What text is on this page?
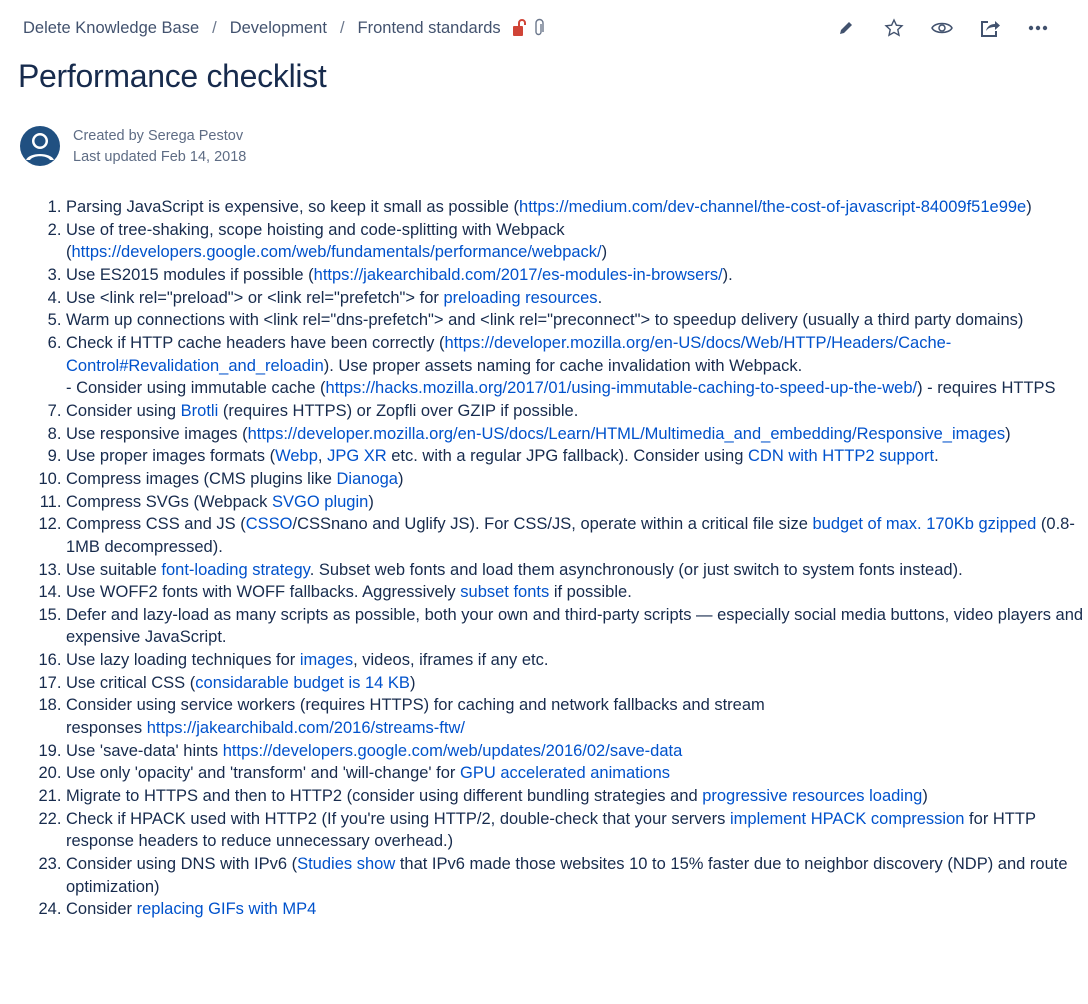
Delete Knowledge Base / Development / Frontend standards
Performance checklist
Created by Serega Pestov
Last updated Feb 14, 2018
1. Parsing JavaScript is expensive, so keep it small as possible (https://medium.com/dev-channel/the-cost-of-javascript-84009f51e99e)
2. Use of tree-shaking, scope hoisting and code-splitting with Webpack
(https://developers.google.com/web/fundamentals/performance/webpack/)
3. Use ES2015 modules if possible (https://jakearchibald.com/2017/es-modules-in-browsers/).
4. Use <link rel="preload"> or <link rel="prefetch"> for preloading resources.
5. Warm up connections with <link rel="dns-prefetch"> and <link rel="preconnect"> to speedup delivery (usually a third party domains)
6. Check if HTTP cache headers have been correctly (https://developer.mozilla.org/en-US/docs/Web/HTTP/Headers/Cache-Control#Revalidation_and_reloadin). Use proper assets naming for cache invalidation with Webpack.
- Consider using immutable cache (https://hacks.mozilla.org/2017/01/using-immutable-caching-to-speed-up-the-web/) - requires HTTPS
7. Consider using Brotli (requires HTTPS) or Zopfli over GZIP if possible.
8. Use responsive images (https://developer.mozilla.org/en-US/docs/Learn/HTML/Multimedia_and_embedding/Responsive_images)
9. Use proper images formats (Webp, JPG XR etc. with a regular JPG fallback). Consider using CDN with HTTP2 support.
10. Compress images (CMS plugins like Dianoga)
11. Compress SVGs (Webpack SVGO plugin)
12. Compress CSS and JS (CSSO/CSSnano and Uglify JS). For CSS/JS, operate within a critical file size budget of max. 170Kb gzipped (0.8-1MB decompressed).
13. Use suitable font-loading strategy. Subset web fonts and load them asynchronously (or just switch to system fonts instead).
14. Use WOFF2 fonts with WOFF fallbacks. Aggressively subset fonts if possible.
15. Defer and lazy-load as many scripts as possible, both your own and third-party scripts — especially social media buttons, video players and expensive JavaScript.
16. Use lazy loading techniques for images, videos, iframes if any etc.
17. Use critical CSS (considarable budget is 14 KB)
18. Consider using service workers (requires HTTPS) for caching and network fallbacks and stream
responses https://jakearchibald.com/2016/streams-ftw/
19. Use 'save-data' hints https://developers.google.com/web/updates/2016/02/save-data
20. Use only 'opacity' and 'transform' and 'will-change' for GPU accelerated animations
21. Migrate to HTTPS and then to HTTP2 (consider using different bundling strategies and progressive resources loading)
22. Check if HPACK used with HTTP2 (If you're using HTTP/2, double-check that your servers implement HPACK compression for HTTP response headers to reduce unnecessary overhead.)
23. Consider using DNS with IPv6 (Studies show that IPv6 made those websites 10 to 15% faster due to neighbor discovery (NDP) and route optimization)
24. Consider replacing GIFs with MP4
